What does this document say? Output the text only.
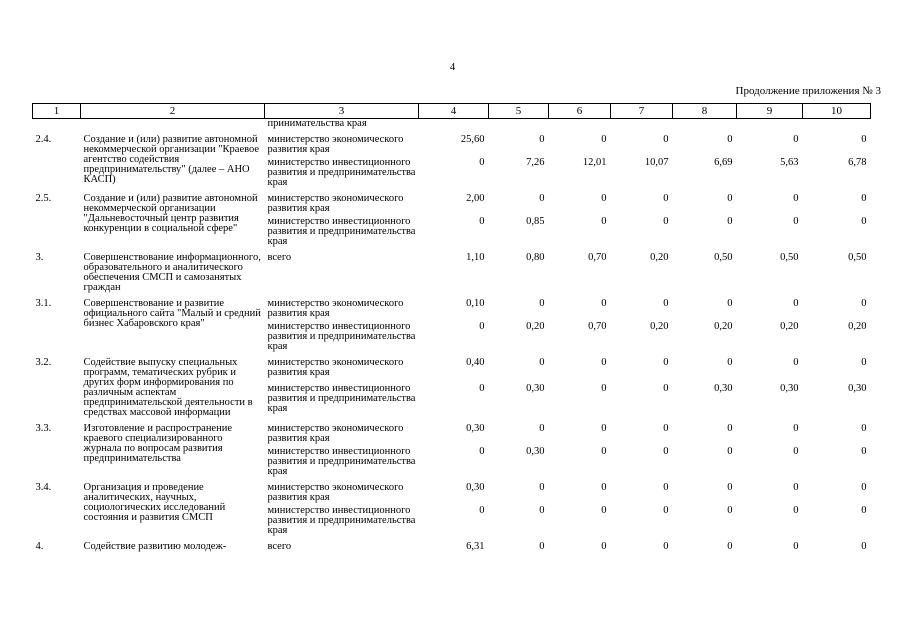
4
Продолжение приложения № 3
1	2	3	4	5	6	7	8	9	10
		принимательства края							
2.4.	Создание и (или) развитие автономной некоммерческой организации "Краевое агентство содействия предпринимательству" (далее – АНО КАСП)	министерство экономического развития края	25,60	0	0	0	0	0	0
		министерство инвестиционного развития и предпринимательства края	0	7,26	12,01	10,07	6,69	5,63	6,78
2.5.	Создание и (или) развитие автономной некоммерческой организации "Дальневосточный центр развития конкуренции в социальной сфере"	министерство экономического развития края	2,00	0	0	0	0	0	0
		министерство инвестиционного развития и предпринимательства края	0	0,85	0	0	0	0	0
3.	Совершенствование информационного, образовательного и аналитического обеспечения СМСП и самозанятых граждан	всего	1,10	0,80	0,70	0,20	0,50	0,50	0,50
3.1.	Совершенствование и развитие официального сайта "Малый и средний бизнес Хабаровского края"	министерство экономического развития края	0,10	0	0	0	0	0	0
		министерство инвестиционного развития и предпринимательства края	0	0,20	0,70	0,20	0,20	0,20	0,20
3.2.	Содействие выпуску специальных программ, тематических рубрик и других форм информирования по различным аспектам предпринимательской деятельности в средствах массовой информации	министерство экономического развития края	0,40	0	0	0	0	0	0
		министерство инвестиционного развития и предпринимательства края	0	0,30	0	0	0,30	0,30	0,30
3.3.	Изготовление и распространение краевого специализированного журнала по вопросам развития предпринимательства	министерство экономического развития края	0,30	0	0	0	0	0	0
		министерство инвестиционного развития и предпринимательства края	0	0,30	0	0	0	0	0
3.4.	Организация и проведение аналитических, научных, социологических исследований состояния и развития СМСП	министерство экономического развития края	0,30	0	0	0	0	0	0
		министерство инвестиционного развития и предпринимательства края	0	0	0	0	0	0	0
4.	Содействие развитию молодеж-	всего	6,31	0	0	0	0	0	0
